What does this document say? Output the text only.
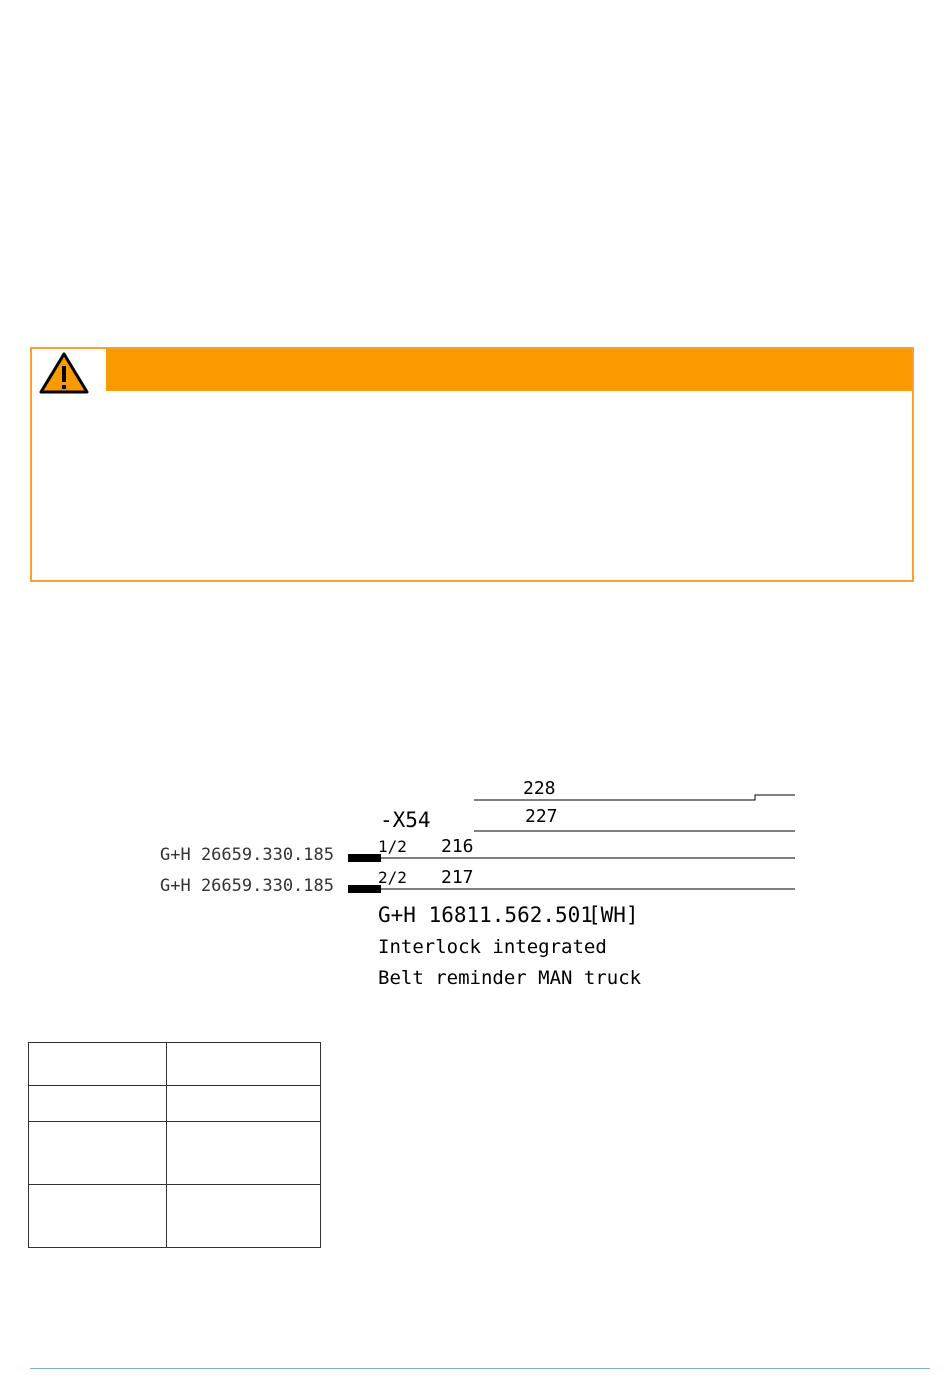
228
227
-X54
1/2 216
2/2 217
G+H 26659.330.185
G+H 26659.330.185
G+H 16811.562.501
[WH]
Interlock integrated
Belt reminder MAN truck
